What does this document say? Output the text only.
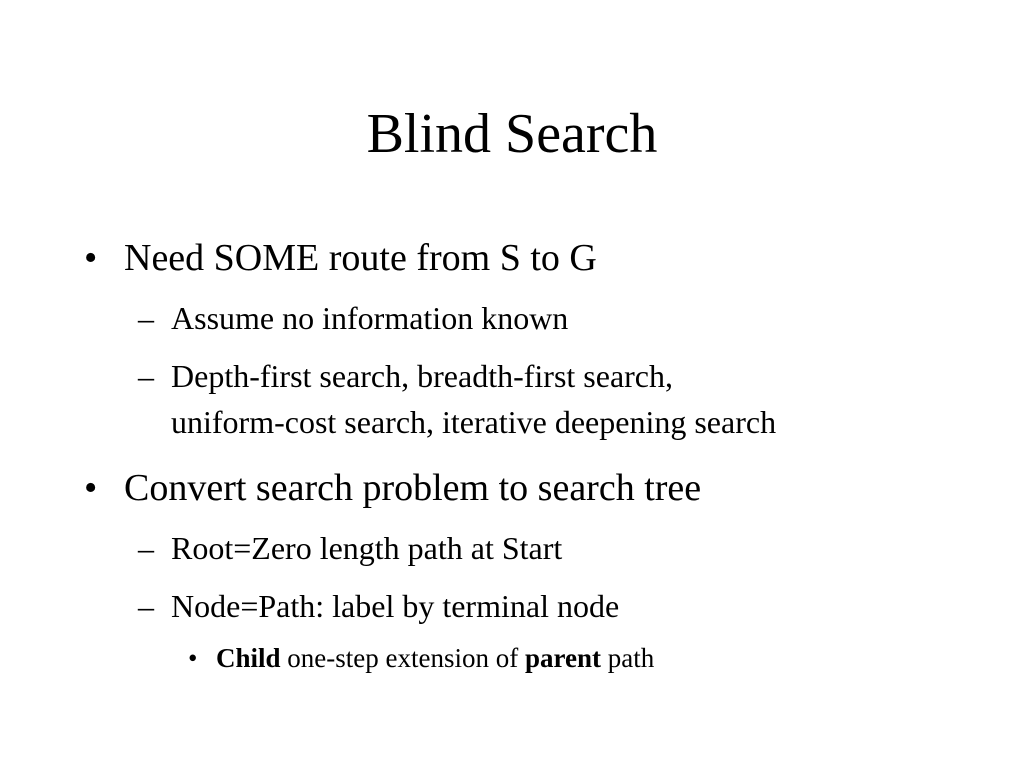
Blind Search
• Need SOME route from S to G
– Assume no information known
– Depth-first search, breadth-first search,
uniform-cost search, iterative deepening search
• Convert search problem to search tree
– Root=Zero length path at Start
– Node=Path: label by terminal node
• Child one-step extension of parent path
